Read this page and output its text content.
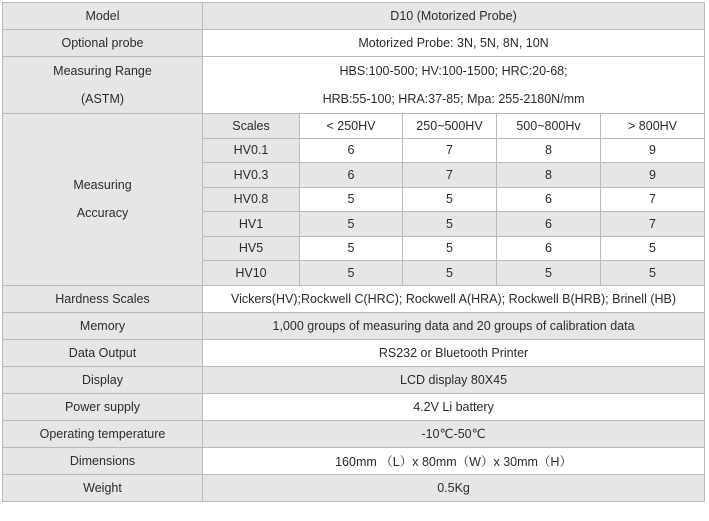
Model	D10 (Motorized Probe)				
Optional probe	Motorized Probe: 3N, 5N, 8N, 10N				

Measuring Range
(ASTM)	HBS:100-500; HV:100-1500; HRC:20-68;
HRB:55-100; HRA:37-85; Mpa: 255-2180N/mm				

Measuring
Accuracy	Scales	< 250HV	250~500HV	500~800Hv	> 800HV
	HV0.1	6	7	8	9
	HV0.3	6	7	8	9
	HV0.8	5	5	6	7
	HV1	5	5	6	7
	HV5	5	5	6	5
	HV10	5	5	5	5
Hardness Scales	Vickers(HV);Rockwell C(HRC); Rockwell A(HRA); Rockwell B(HRB); Brinell (HB)				
Memory	1,000 groups of measuring data and 20 groups of calibration data				
Data Output	RS232 or Bluetooth Printer				
Display	LCD display 80X45				
Power supply	4.2V Li battery				
Operating temperature	-10℃-50℃				
Dimensions	160mm （L）x 80mm（W）x 30mm（H）				
Weight	0.5Kg				
